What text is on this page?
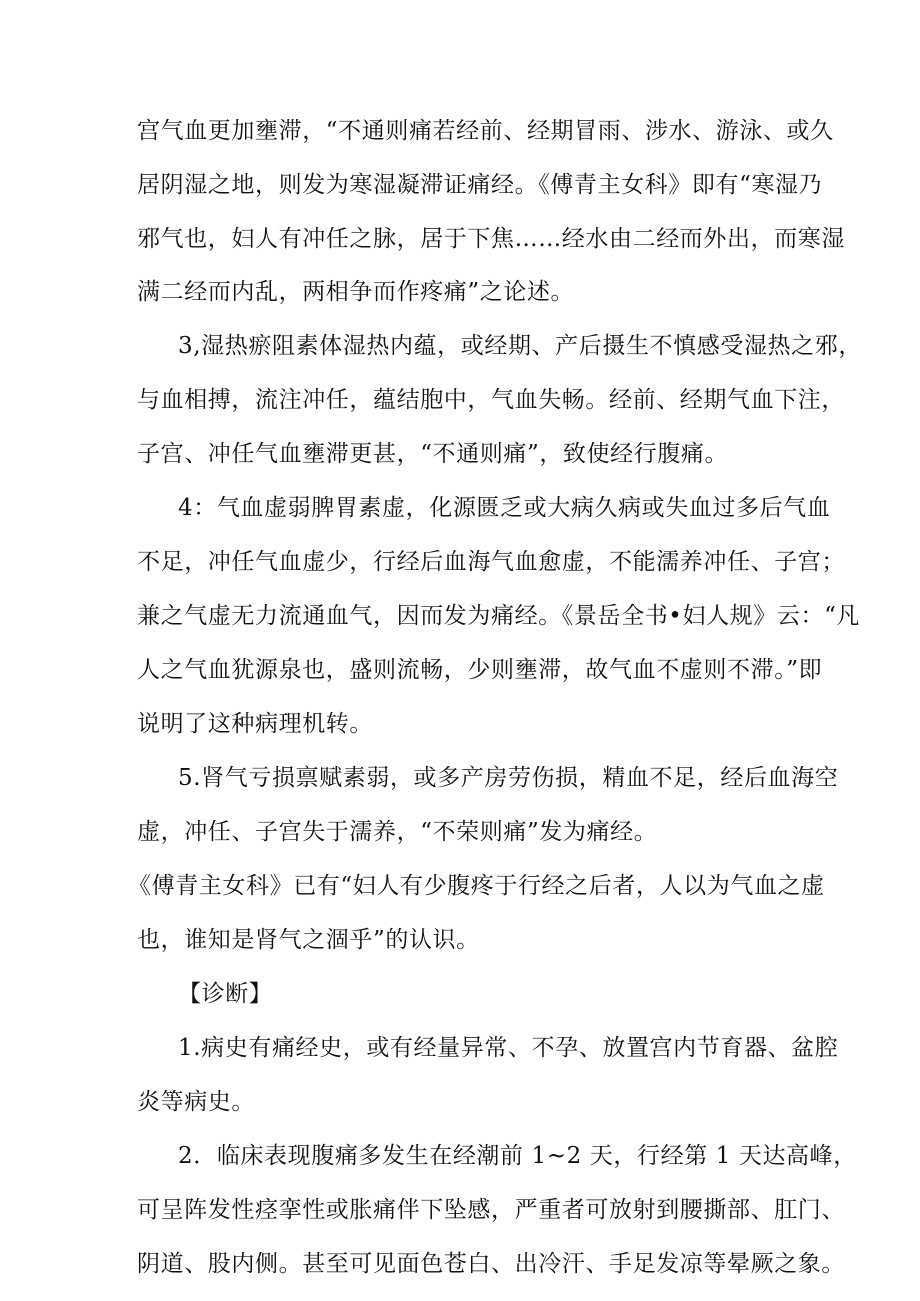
宫气血更加壅滞，“不通则痛若经前、经期冒雨、涉水、游泳、或久
居阴湿之地，则发为寒湿凝滞证痛经。《傅青主女科》即有“寒湿乃
邪气也，妇人有冲任之脉，居于下焦……经水由二经而外出，而寒湿
满二经而内乱，两相争而作疼痛”之论述。
3,湿热瘀阻素体湿热内蕴，或经期、产后摄生不慎感受湿热之邪，
与血相搏，流注冲任，蕴结胞中，气血失畅。经前、经期气血下注，
子宫、冲任气血壅滞更甚，“不通则痛”，致使经行腹痛。
4：气血虚弱脾胃素虚，化源匮乏或大病久病或失血过多后气血
不足，冲任气血虚少，行经后血海气血愈虚，不能濡养冲任、子宫；
兼之气虚无力流通血气，因而发为痛经。《景岳全书•妇人规》云：“凡
人之气血犹源泉也，盛则流畅，少则壅滞，故气血不虚则不滞。”即
说明了这种病理机转。
5.肾气亏损禀赋素弱，或多产房劳伤损，精血不足，经后血海空
虚，冲任、子宫失于濡养，“不荣则痛”发为痛经。
《傅青主女科》已有“妇人有少腹疼于行经之后者，人以为气血之虚
也，谁知是肾气之涸乎”的认识。
【诊断】
1.病史有痛经史，或有经量异常、不孕、放置宫内节育器、盆腔
炎等病史。
2．临床表现腹痛多发生在经潮前 1~2 天，行经第 1 天达高峰，
可呈阵发性痉挛性或胀痛伴下坠感，严重者可放射到腰撕部、肛门、
阴道、股内侧。甚至可见面色苍白、出冷汗、手足发凉等晕厥之象。
